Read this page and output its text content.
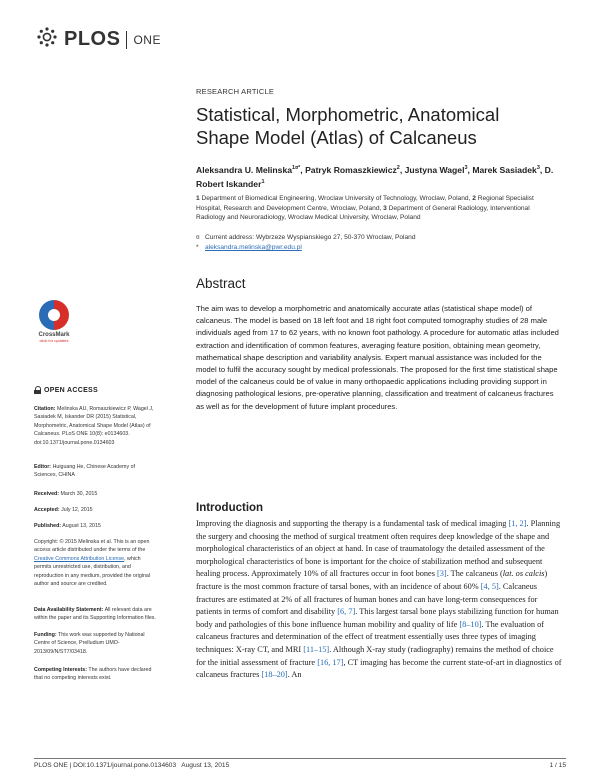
PLOS ONE
RESEARCH ARTICLE
Statistical, Morphometric, Anatomical Shape Model (Atlas) of Calcaneus
Aleksandra U. Melinska$^{1¤*}$, Patryk Romaszkiewicz$^2$, Justyna Wagel$^3$, Marek Sasiadek$^3$, D. Robert Iskander$^1$
1 Department of Biomedical Engineering, Wroclaw University of Technology, Wroclaw, Poland, 2 Regional Specialist Hospital, Research and Development Centre, Wroclaw, Poland, 3 Department of General Radiology, Interventional Radiology and Neuroradiology, Wroclaw Medical University, Wroclaw, Poland
¤ Current address: Wybrzeze Wyspianskiego 27, 50-370 Wroclaw, Poland
* aleksandra.melinska@pwr.edu.pl
Abstract
The aim was to develop a morphometric and anatomically accurate atlas (statistical shape model) of calcaneus. The model is based on 18 left foot and 18 right foot computed tomography studies of 28 male individuals aged from 17 to 62 years, with no known foot pathology. A procedure for automatic atlas included extraction and identification of common features, averaging feature position, obtaining mean geometry, mathematical shape description and variability analysis. Expert manual assistance was included for the model to fulfil the accuracy sought by medical professionals. The proposed for the first time statistical shape model of the calcaneus could be of value in many orthopaedic applications including providing support in diagnosing pathological lesions, pre-operative planning, classification and treatment of calcaneus fractures as well as for the development of future implant procedures.
CrossMark
click for updates
OPEN ACCESS
Citation: Melinska AU, Romaszkiewicz P, Wagel J, Sasiadek M, Iskander DR (2015) Statistical, Morphometric, Anatomical Shape Model (Atlas) of Calcaneus. PLoS ONE 10(8): e0134603. doi:10.1371/journal.pone.0134603
Editor: Huiguang He, Chinese Academy of Sciences, CHINA
Received: March 30, 2015
Accepted: July 12, 2015
Published: August 13, 2015
Copyright: © 2015 Melinska et al. This is an open access article distributed under the terms of the Creative Commons Attribution License, which permits unrestricted use, distribution, and reproduction in any medium, provided the original author and source are credited.
Data Availability Statement: All relevant data are within the paper and its Supporting Information files.
Funding: This work was supported by National Centre of Science, Prelludium UMO-2013/09/N/ST7/03418.
Competing Interests: The authors have declared that no competing interests exist.
Introduction
Improving the diagnosis and supporting the therapy is a fundamental task of medical imaging [1, 2]. Planning the surgery and choosing the method of surgical treatment often requires deep knowledge of the shape and morphological characteristics of an object at hand. In case of traumatology the detailed assessment of the morphological characteristics of bone is important for the choice of stabilization method and subsequent healing process. Approximately 10% of all fractures occur in foot bones [3]. The calcaneus (lat. os calcis) fracture is the most common fracture of tarsal bones, with an incidence of about 60% [4, 5]. Calcaneus fractures are estimated at 2% of all fractures of human bones and can have long-term consequences for patients in terms of comfort and disability [6, 7]. This largest tarsal bone plays stabilizing function for human body and pathologies of this bone influence human mobility and quality of life [8–10]. The evaluation of calcaneus fractures and determination of the effect of treatment essentially uses three types of imaging techniques: X-ray CT, and MRI [11–15]. Although X-ray study (radiography) remains the method of choice for the initial assessment of fracture [16, 17], CT imaging has become the current state-of-art in diagnostics of calcaneus fractures [18–20]. An
PLOS ONE | DOI:10.1371/journal.pone.0134603   August 13, 2015	1 / 15
